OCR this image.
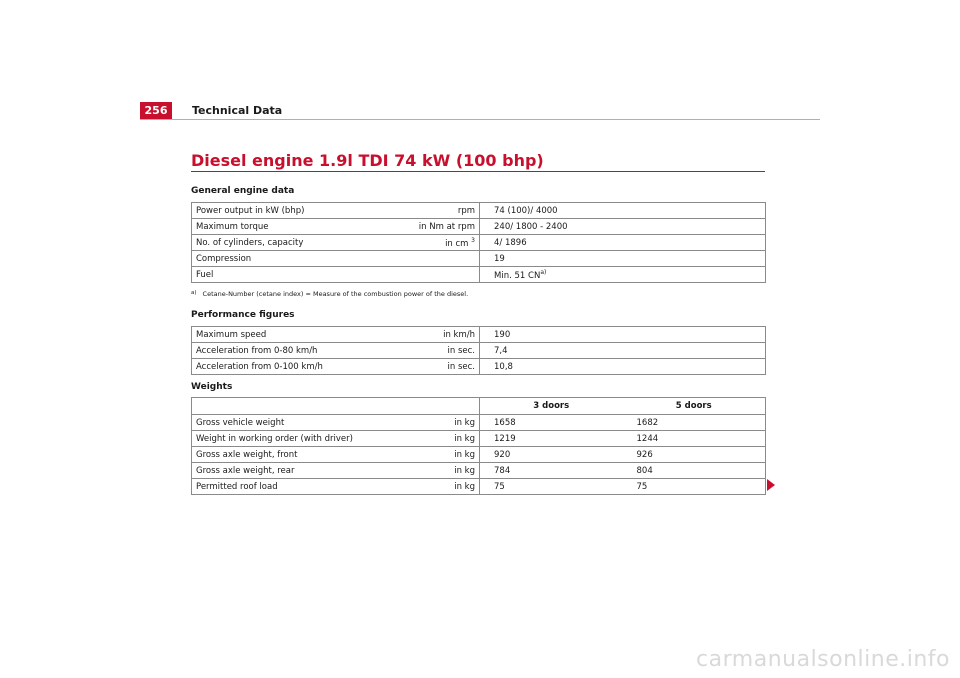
256	Technical Data
Diesel engine 1.9l TDI 74 kW (100 bhp)
General engine data
Power output in kW (bhp)	rpm	74 (100)/ 4000
Maximum torque	in Nm at rpm	240/ 1800 - 2400
No. of cylinders, capacity	in cm $^3$	4/ 1896
Compression		19
Fuel		Min. 51 CN$^{a)}$
$^{a)}$ Cetane-Number (cetane index) = Measure of the combustion power of the diesel.
Performance figures
Maximum speed	in km/h	190
Acceleration from 0-80 km/h	in sec.	7,4
Acceleration from 0-100 km/h	in sec.	10,8
Weights
		3 doors	5 doors
Gross vehicle weight	in kg	1658	1682
Weight in working order (with driver)	in kg	1219	1244
Gross axle weight, front	in kg	920	926
Gross axle weight, rear	in kg	784	804
Permitted roof load	in kg	75	75
carmanualsonline.info
